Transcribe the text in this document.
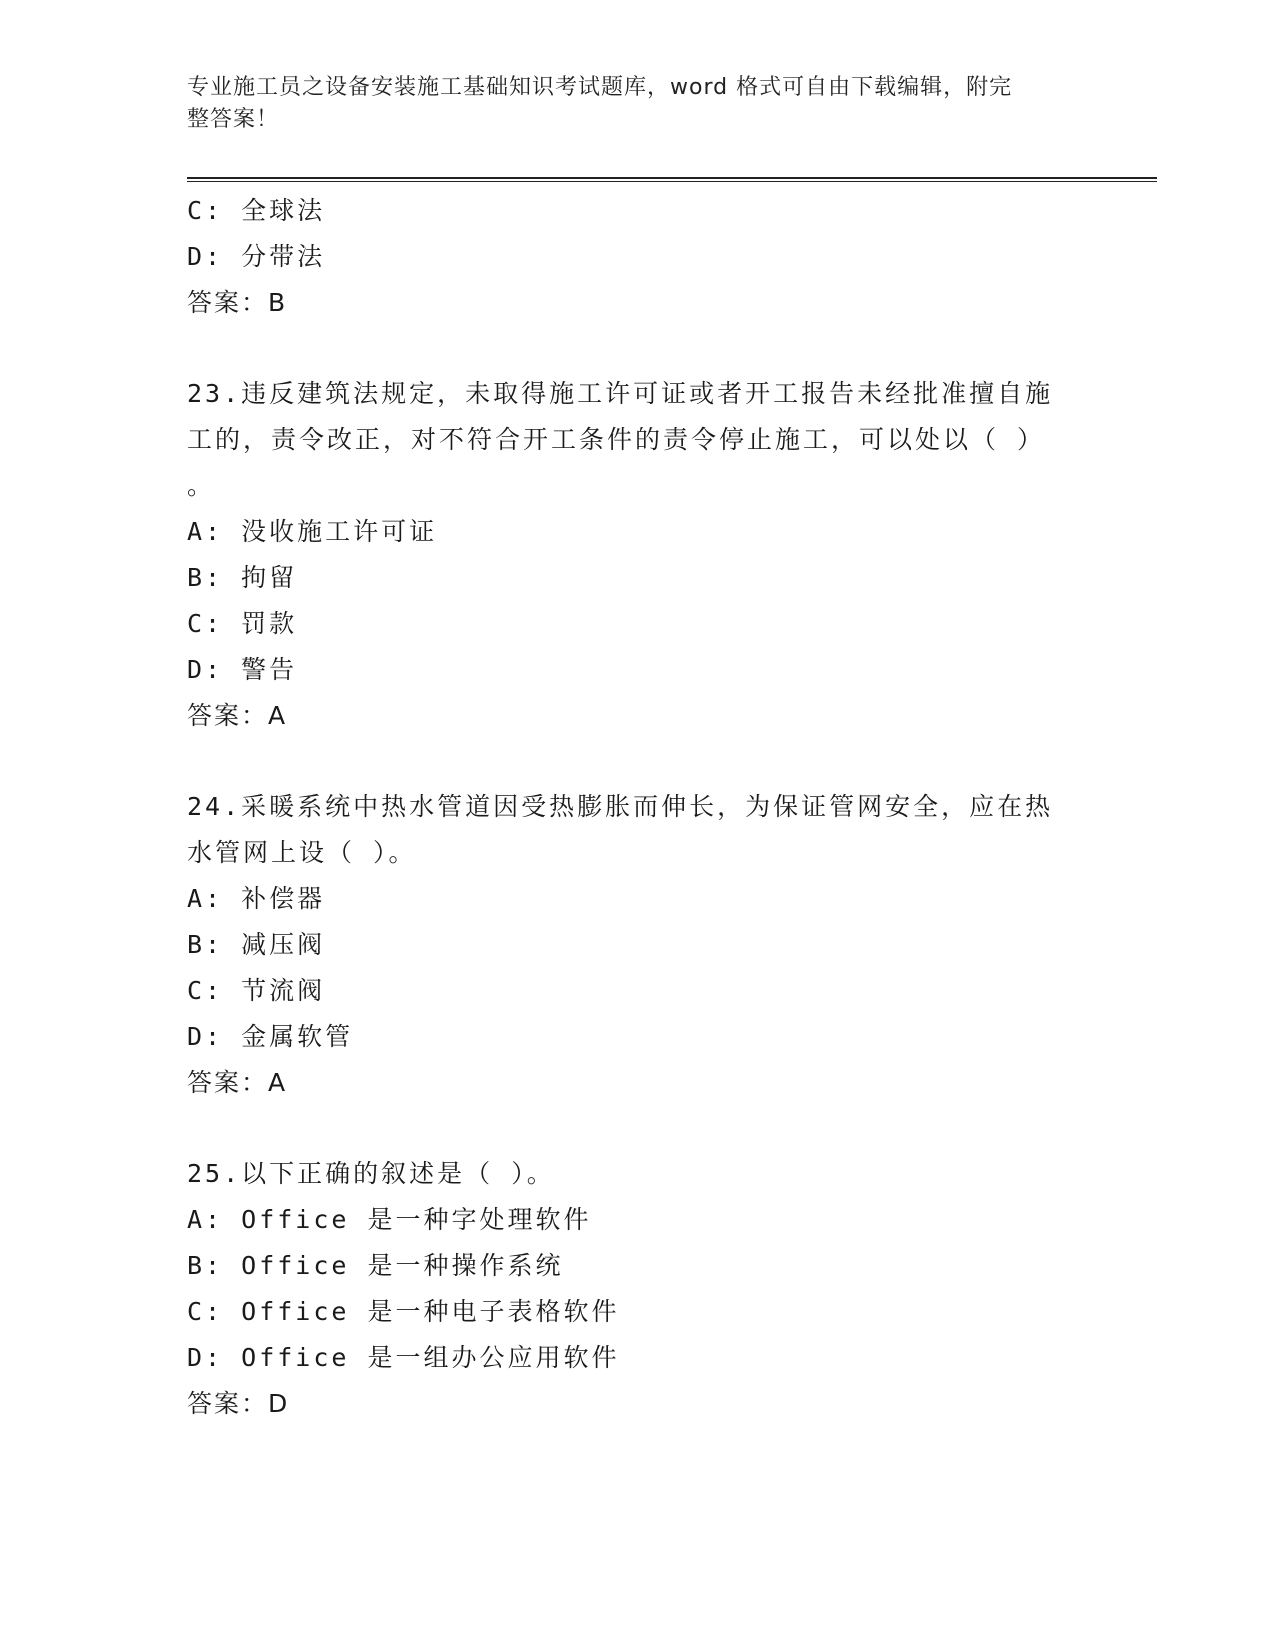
专业施工员之设备安装施工基础知识考试题库，word 格式可自由下载编辑，附完
整答案！
C: 全球法
D: 分带法
答案：B
23.违反建筑法规定，未取得施工许可证或者开工报告未经批准擅自施
工的，责令改正，对不符合开工条件的责令停止施工，可以处以（ ）
。
A: 没收施工许可证
B: 拘留
C: 罚款
D: 警告
答案：A
24.采暖系统中热水管道因受热膨胀而伸长，为保证管网安全，应在热
水管网上设（ ）。
A: 补偿器
B: 减压阀
C: 节流阀
D: 金属软管
答案：A
25.以下正确的叙述是（ ）。
A: Office 是一种字处理软件
B: Office 是一种操作系统
C: Office 是一种电子表格软件
D: Office 是一组办公应用软件
答案：D
